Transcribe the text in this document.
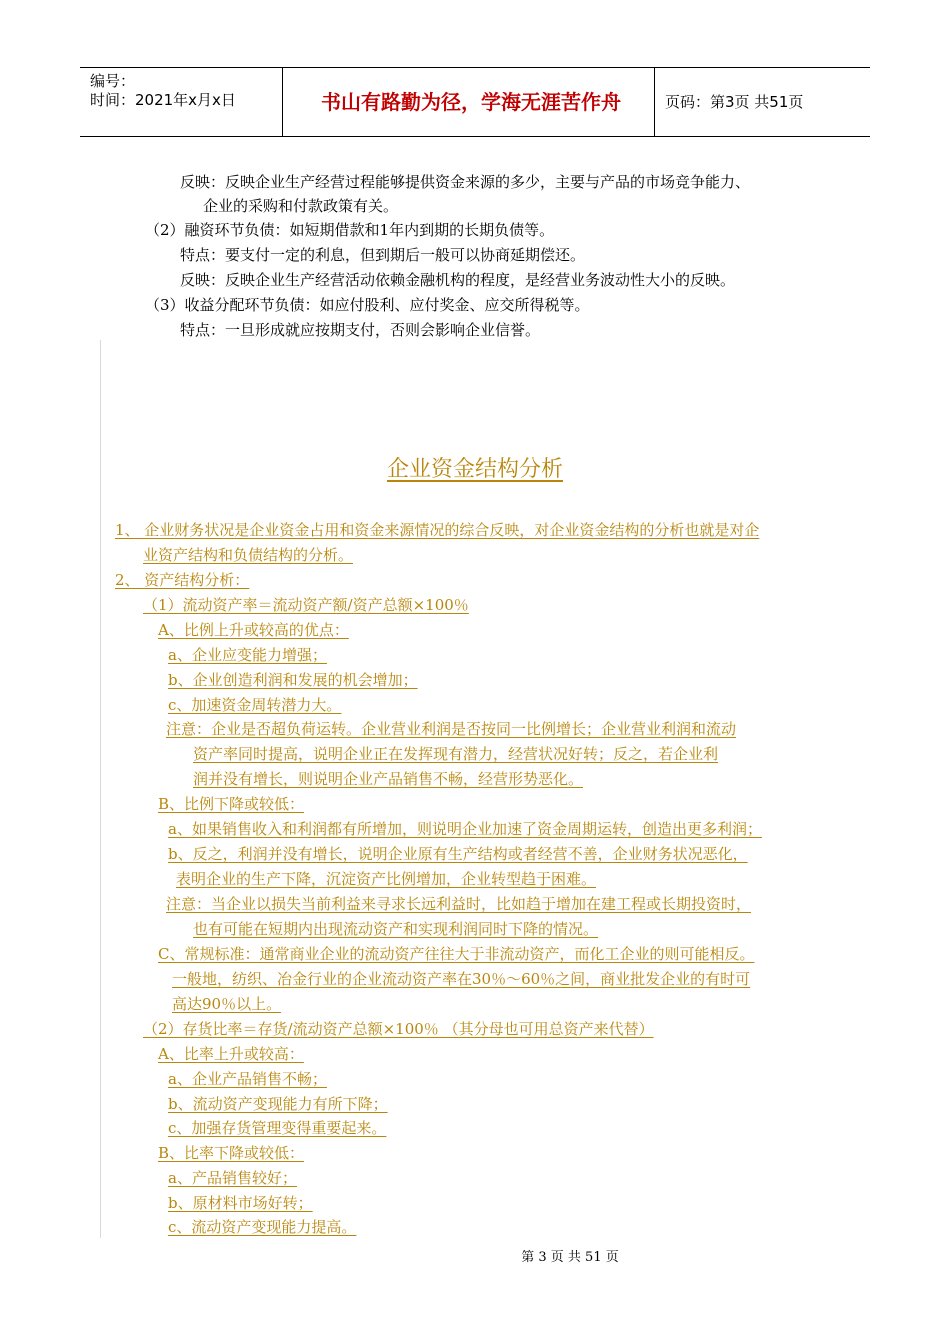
编号：
时间：2021年x月x日	书山有路勤为径，学海无涯苦作舟	页码：第3页 共51页
反映：反映企业生产经营过程能够提供资金来源的多少，主要与产品的市场竞争能力、
企业的采购和付款政策有关。
（2）融资环节负债：如短期借款和1年内到期的长期负债等。
特点：要支付一定的利息，但到期后一般可以协商延期偿还。
反映：反映企业生产经营活动依赖金融机构的程度，是经营业务波动性大小的反映。
（3）收益分配环节负债：如应付股利、应付奖金、应交所得税等。
特点：一旦形成就应按期支付，否则会影响企业信誉。
企业资金结构分析
1、 企业财务状况是企业资金占用和资金来源情况的综合反映，对企业资金结构的分析也就是对企
业资产结构和负债结构的分析。
2、 资产结构分析：
（1）流动资产率＝流动资产额/资产总额×100％
A、比例上升或较高的优点：
a、企业应变能力增强；
b、企业创造利润和发展的机会增加；
c、加速资金周转潜力大。
注意：企业是否超负荷运转。企业营业利润是否按同一比例增长；企业营业利润和流动
资产率同时提高，说明企业正在发挥现有潜力，经营状况好转；反之，若企业利
润并没有增长，则说明企业产品销售不畅，经营形势恶化。
B、比例下降或较低：
a、如果销售收入和利润都有所增加，则说明企业加速了资金周期运转，创造出更多利润；
b、反之，利润并没有增长，说明企业原有生产结构或者经营不善，企业财务状况恶化，
表明企业的生产下降，沉淀资产比例增加，企业转型趋于困难。
注意：当企业以损失当前利益来寻求长远利益时，比如趋于增加在建工程或长期投资时，
也有可能在短期内出现流动资产和实现利润同时下降的情况。
C、常规标准：通常商业企业的流动资产往往大于非流动资产，而化工企业的则可能相反。
一般地，纺织、冶金行业的企业流动资产率在30％～60％之间，商业批发企业的有时可
高达90％以上。
（2）存货比率＝存货/流动资产总额×100％ （其分母也可用总资产来代替）
A、比率上升或较高：
a、企业产品销售不畅；
b、流动资产变现能力有所下降；
c、加强存货管理变得重要起来。
B、比率下降或较低：
a、产品销售较好；
b、原材料市场好转；
c、流动资产变现能力提高。
第 3 页 共 51 页
